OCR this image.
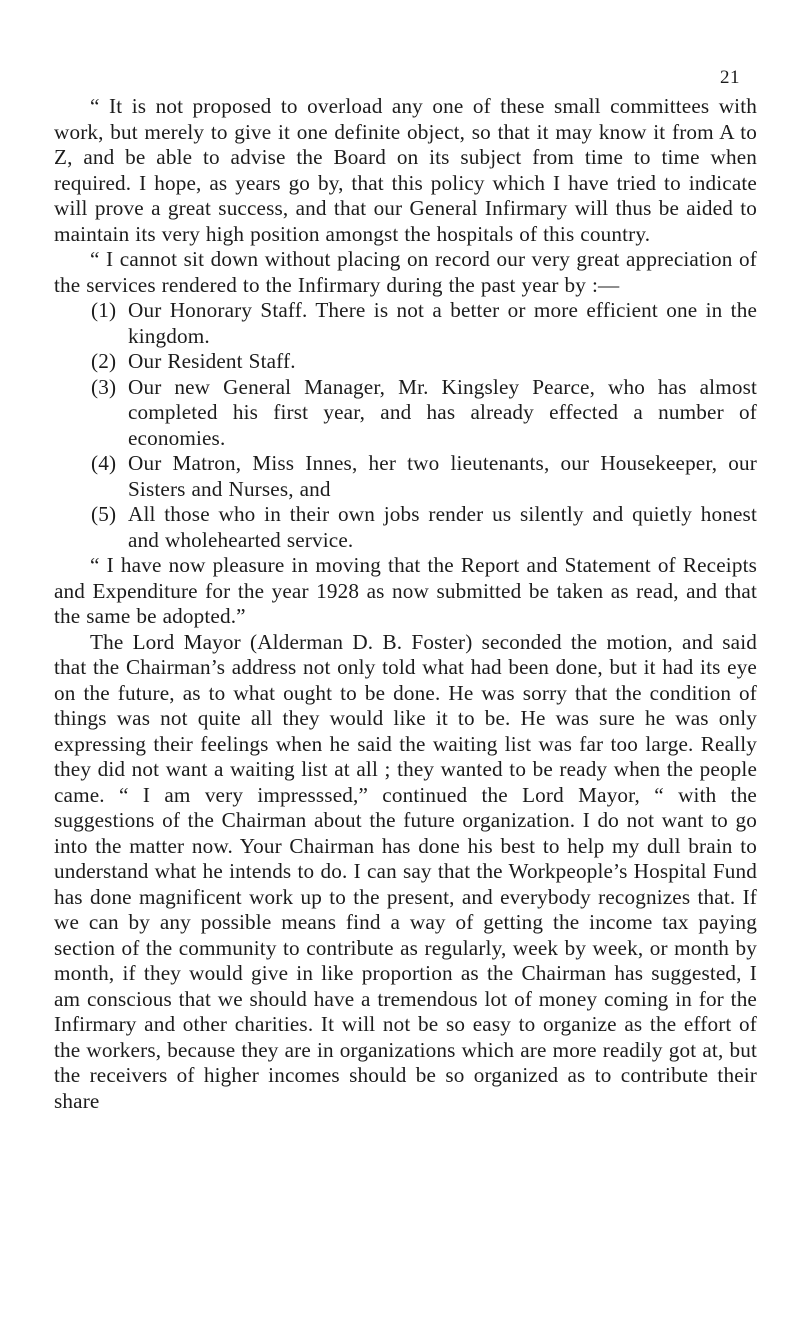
21

“ It is not proposed to overload any one of these small committees with work, but merely to give it one definite object, so that it may know it from A to Z, and be able to advise the Board on its subject from time to time when required. I hope, as years go by, that this policy which I have tried to indicate will prove a great success, and that our General Infirmary will thus be aided to maintain its very high position amongst the hospitals of this country.

“ I cannot sit down without placing on record our very great appreciation of the services rendered to the Infirmary during the past year by :—

(1) Our Honorary Staff. There is not a better or more efficient one in the kingdom.
(2) Our Resident Staff.
(3) Our new General Manager, Mr. Kingsley Pearce, who has almost completed his first year, and has already effected a number of economies.
(4) Our Matron, Miss Innes, her two lieutenants, our Housekeeper, our Sisters and Nurses, and
(5) All those who in their own jobs render us silently and quietly honest and wholehearted service.

“ I have now pleasure in moving that the Report and Statement of Receipts and Expenditure for the year 1928 as now submitted be taken as read, and that the same be adopted.”

The Lord Mayor (Alderman D. B. Foster) seconded the motion, and said that the Chairman’s address not only told what had been done, but it had its eye on the future, as to what ought to be done. He was sorry that the condition of things was not quite all they would like it to be. He was sure he was only expressing their feelings when he said the waiting list was far too large. Really they did not want a waiting list at all ; they wanted to be ready when the people came. “ I am very impresssed,” continued the Lord Mayor, “ with the suggestions of the Chairman about the future organization. I do not want to go into the matter now. Your Chairman has done his best to help my dull brain to understand what he intends to do. I can say that the Workpeople’s Hospital Fund has done magnificent work up to the present, and everybody recognizes that. If we can by any possible means find a way of getting the income tax paying section of the community to contribute as regularly, week by week, or month by month, if they would give in like proportion as the Chairman has suggested, I am conscious that we should have a tremendous lot of money coming in for the Infirmary and other charities. It will not be so easy to organize as the effort of the workers, because they are in organizations which are more readily got at, but the receivers of higher incomes should be so organized as to contribute their share
